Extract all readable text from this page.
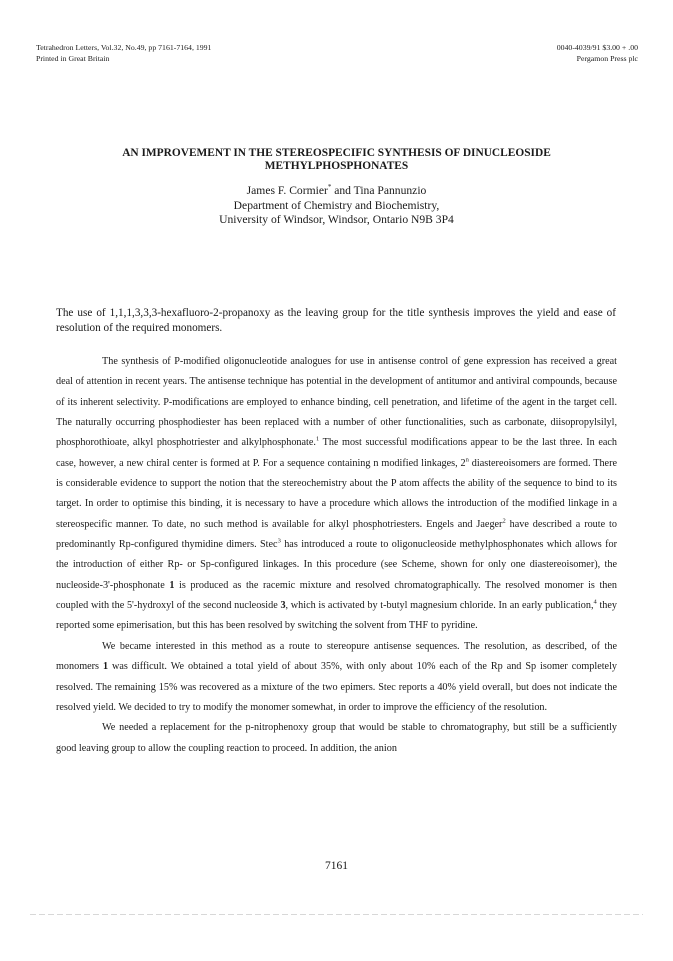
Tetrahedron Letters, Vol.32, No.49, pp 7161-7164, 1991
Printed in Great Britain
0040-4039/91 $3.00 + .00
Pergamon Press plc
AN IMPROVEMENT IN THE STEREOSPECIFIC SYNTHESIS OF DINUCLEOSIDE
METHYLPHOSPHONATES
James F. Cormier* and Tina Pannunzio
Department of Chemistry and Biochemistry,
University of Windsor, Windsor, Ontario N9B 3P4
The use of 1,1,1,3,3,3-hexafluoro-2-propanoxy as the leaving group for the title synthesis improves the yield and ease of resolution of the required monomers.

The synthesis of P-modified oligonucleotide analogues for use in antisense control of gene expression has received a great deal of attention in recent years. The antisense technique has potential in the development of antitumor and antiviral compounds, because of its inherent selectivity. P-modifications are employed to enhance binding, cell penetration, and lifetime of the agent in the target cell. The naturally occurring phosphodiester has been replaced with a number of other functionalities, such as carbonate, diisopropylsilyl, phosphorothioate, alkyl phosphotriester and alkylphosphonate.$^1$ The most successful modifications appear to be the last three. In each case, however, a new chiral center is formed at P. For a sequence containing n modified linkages, 2$^n$ diastereoisomers are formed. There is considerable evidence to support the notion that the stereochemistry about the P atom affects the ability of the sequence to bind to its target. In order to optimise this binding, it is necessary to have a procedure which allows the introduction of the modified linkage in a stereospecific manner. To date, no such method is available for alkyl phosphotriesters. Engels and Jaeger$^2$ have described a route to predominantly Rp-configured thymidine dimers. Stec$^3$ has introduced a route to oligonucleoside methylphosphonates which allows for the introduction of either Rp- or Sp-configured linkages. In this procedure (see Scheme, shown for only one diastereoisomer), the nucleoside-3'-phosphonate 1 is produced as the racemic mixture and resolved chromatographically. The resolved monomer is then coupled with the 5'-hydroxyl of the second nucleoside 3, which is activated by t-butyl magnesium chloride. In an early publication,$^4$ they reported some epimerisation, but this has been resolved by switching the solvent from THF to pyridine.

We became interested in this method as a route to stereopure antisense sequences. The resolution, as described, of the monomers 1 was difficult. We obtained a total yield of about 35%, with only about 10% each of the Rp and Sp isomer completely resolved. The remaining 15% was recovered as a mixture of the two epimers. Stec reports a 40% yield overall, but does not indicate the resolved yield. We decided to try to modify the monomer somewhat, in order to improve the efficiency of the resolution.

We needed a replacement for the p-nitrophenoxy group that would be stable to chromatography, but still be a sufficiently good leaving group to allow the coupling reaction to proceed. In addition, the anion

7161
